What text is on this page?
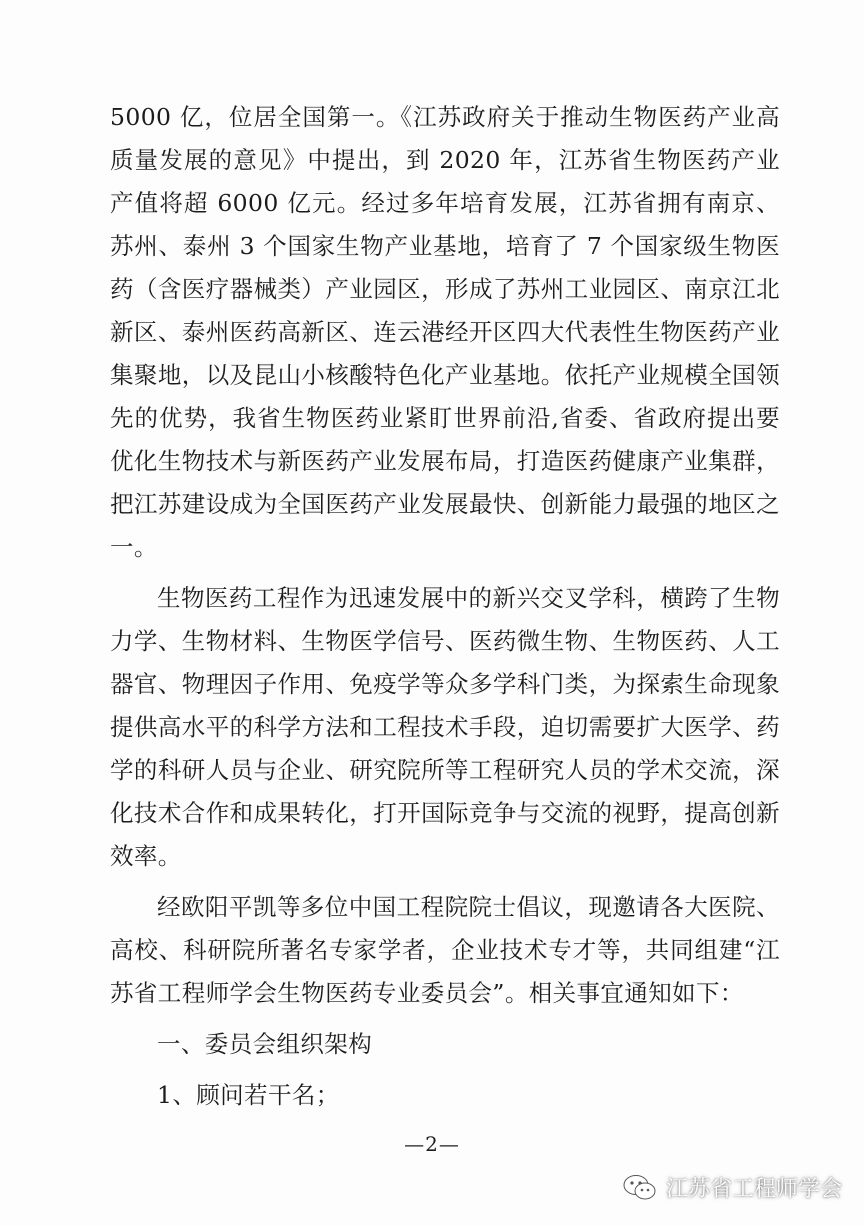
5000 亿，位居全国第一。《江苏政府关于推动生物医药产业高质量发展的意见》中提出，到 2020 年，江苏省生物医药产业产值将超 6000 亿元。经过多年培育发展，江苏省拥有南京、苏州、泰州 3 个国家生物产业基地，培育了 7 个国家级生物医药（含医疗器械类）产业园区，形成了苏州工业园区、南京江北新区、泰州医药高新区、连云港经开区四大代表性生物医药产业集聚地，以及昆山小核酸特色化产业基地。依托产业规模全国领先的优势，我省生物医药业紧盯世界前沿,省委、省政府提出要优化生物技术与新医药产业发展布局，打造医药健康产业集群，把江苏建设成为全国医药产业发展最快、创新能力最强的地区之一。

生物医药工程作为迅速发展中的新兴交叉学科，横跨了生物力学、生物材料、生物医学信号、医药微生物、生物医药、人工器官、物理因子作用、免疫学等众多学科门类，为探索生命现象提供高水平的科学方法和工程技术手段，迫切需要扩大医学、药学的科研人员与企业、研究院所等工程研究人员的学术交流，深化技术合作和成果转化，打开国际竞争与交流的视野，提高创新效率。

经欧阳平凯等多位中国工程院院士倡议，现邀请各大医院、高校、科研院所著名专家学者，企业技术专才等，共同组建“江苏省工程师学会生物医药专业委员会”。相关事宜通知如下：

一、委员会组织架构

1、顾问若干名；

—2—
江苏省工程师学会
